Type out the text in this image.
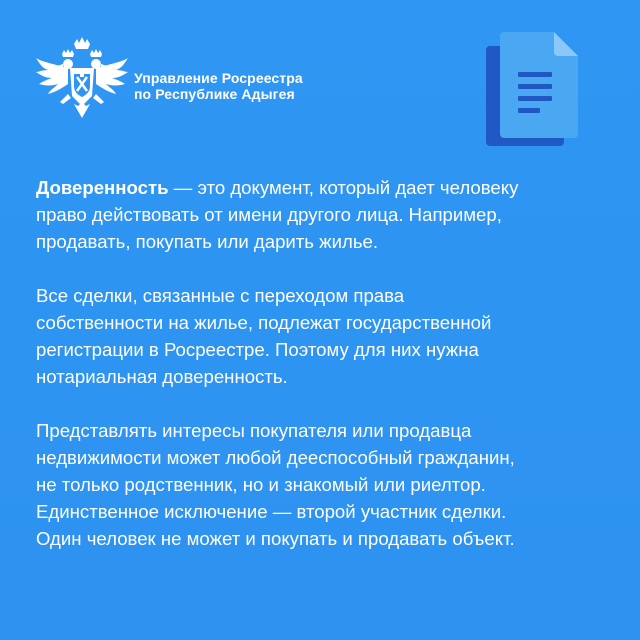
Управление Росреестра
по Республике Адыгея

Доверенность — это документ, который дает человеку
право действовать от имени другого лица. Например,
продавать, покупать или дарить жилье.

Все сделки, связанные с переходом права
собственности на жилье, подлежат государственной
регистрации в Росреестре. Поэтому для них нужна
нотариальная доверенность.

Представлять интересы покупателя или продавца
недвижимости может любой дееспособный гражданин,
не только родственник, но и знакомый или риелтор.
Единственное исключение — второй участник сделки.
Один человек не может и покупать и продавать объект.
